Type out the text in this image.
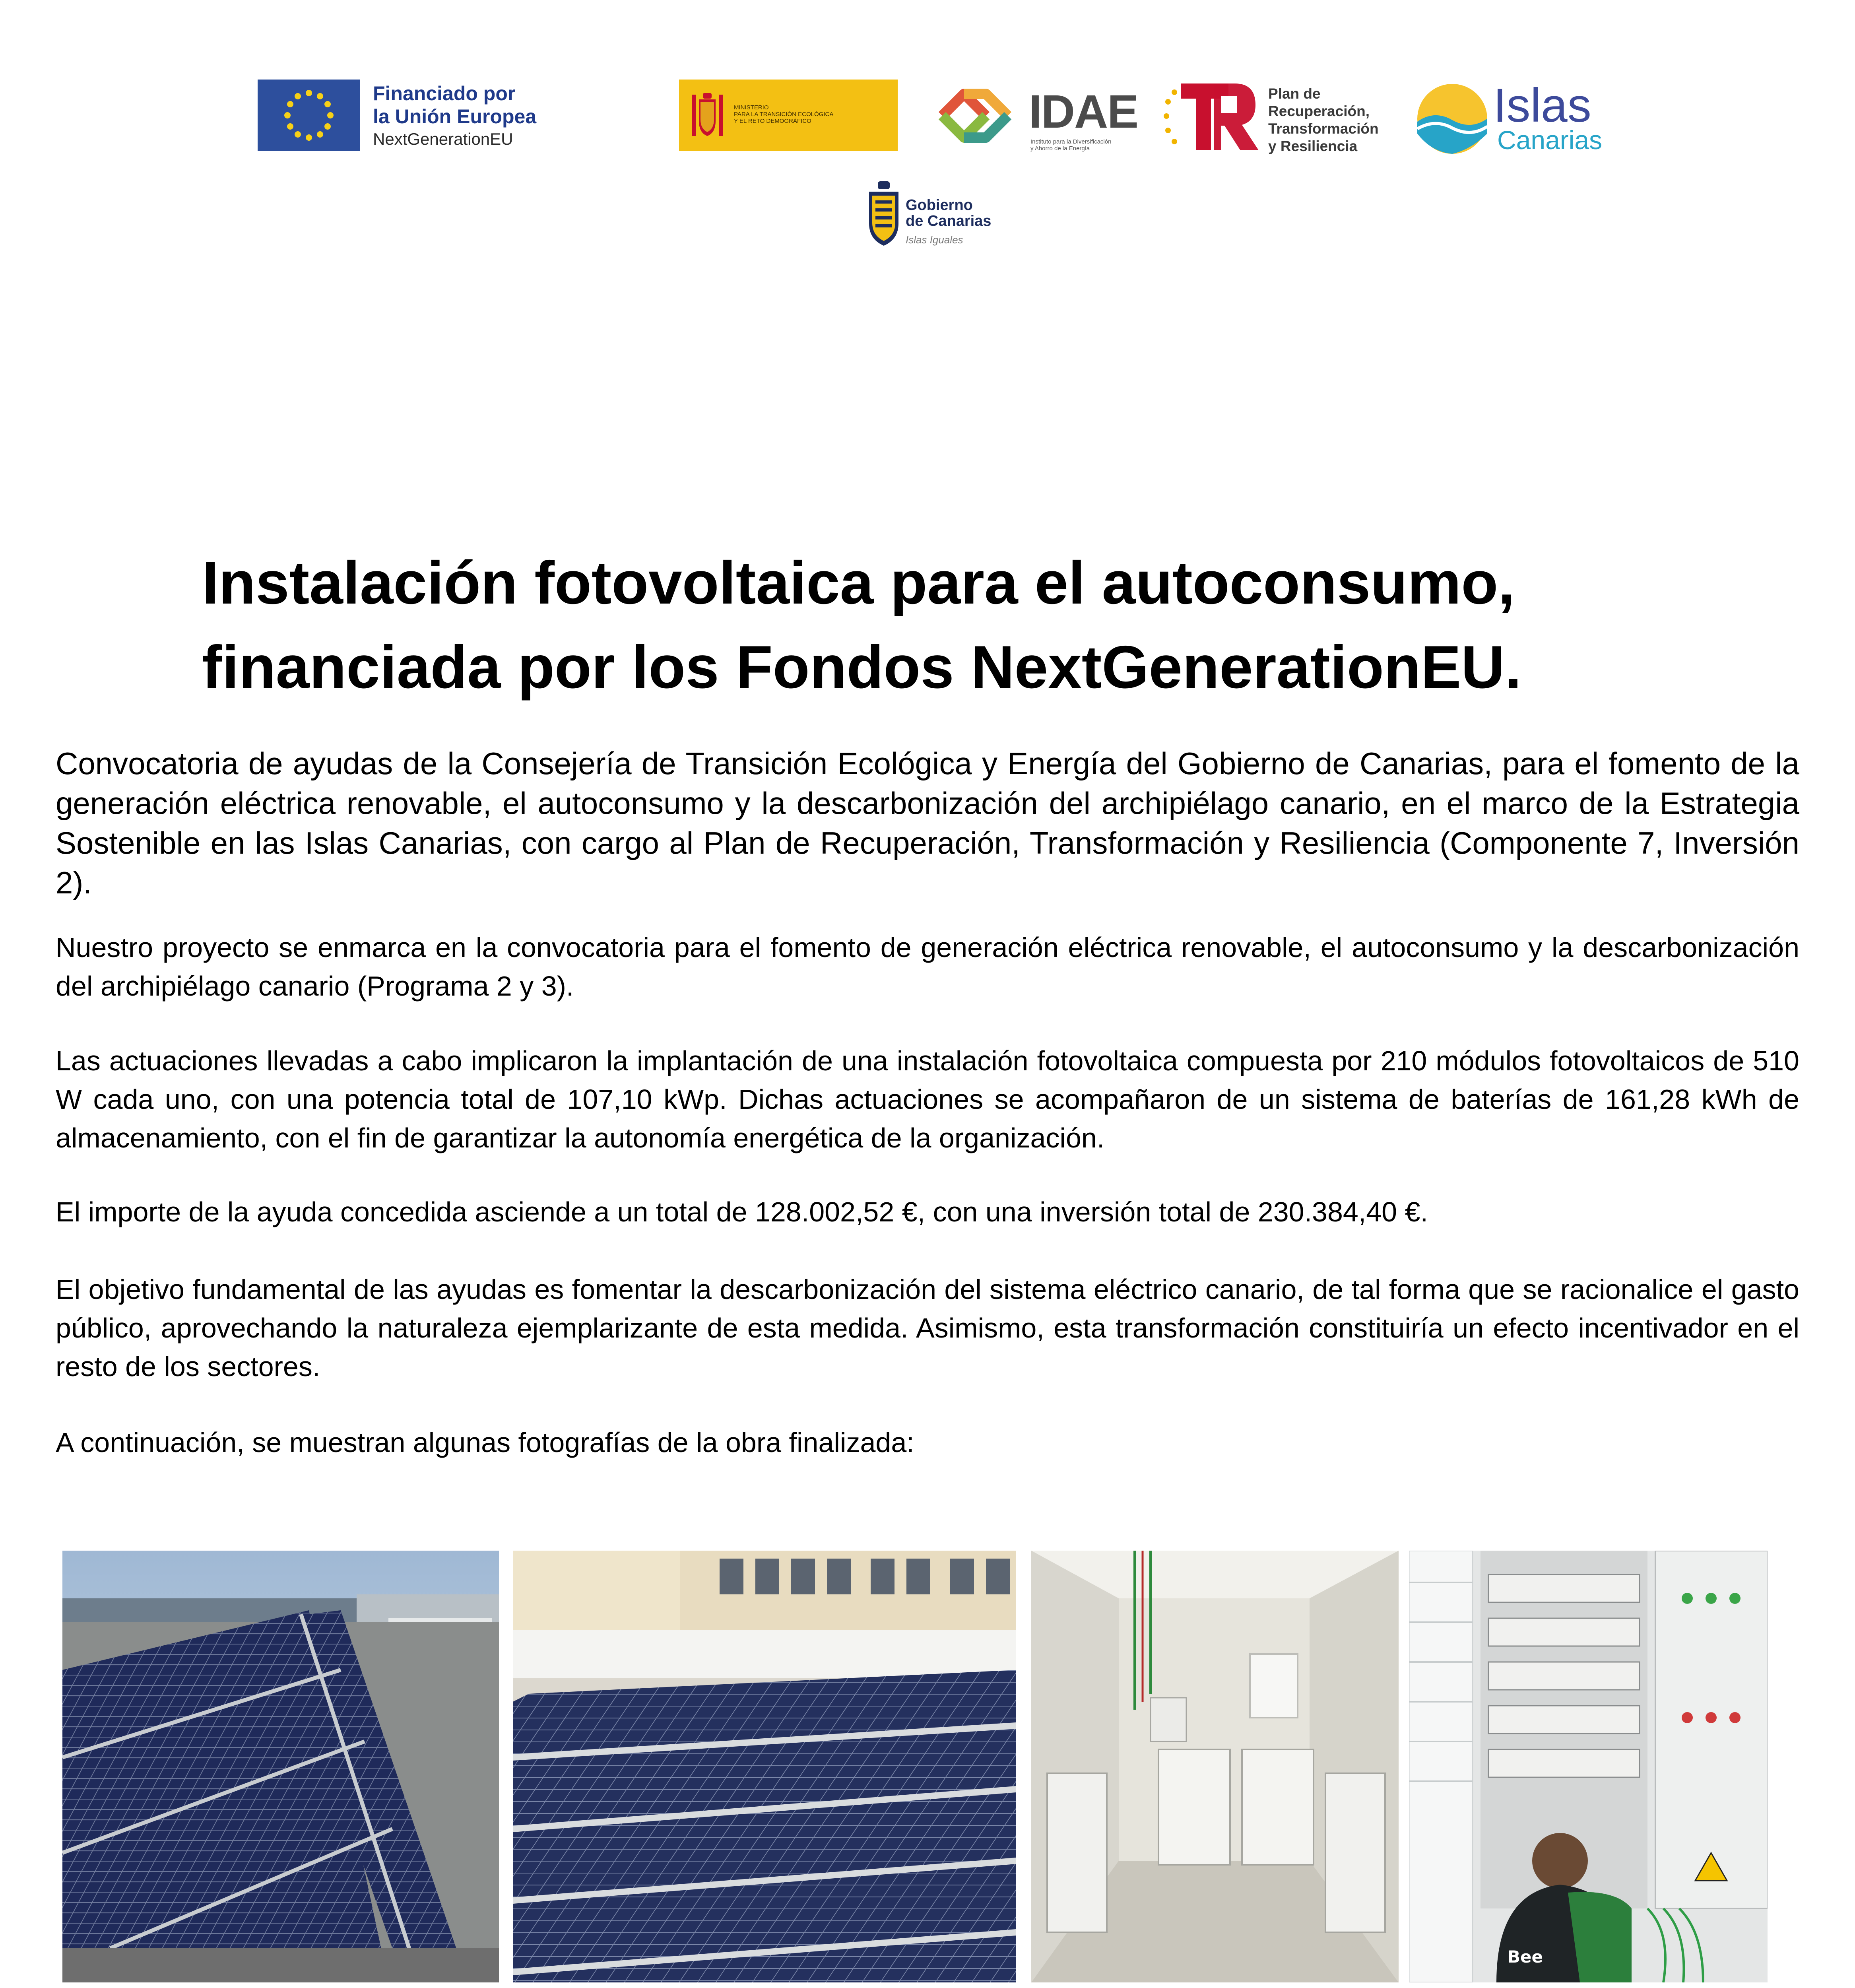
Financiado por
la Unión Europea
NextGenerationEU
MINISTERIO
PARA LA TRANSICIÓN ECOLÓGICA
Y EL RETO DEMOGRÁFICO	IDAE
Instituto para la Diversificación
y Ahorro de la Energía
Plan de
Recuperación,
Transformación
y Resiliencia
Islas
Canarias
Gobierno
de Canarias
Islas Iguales
Instalación fotovoltaica para el autoconsumo,
financiada por los Fondos NextGenerationEU.

Convocatoria de ayudas de la Consejería de Transición Ecológica y Energía del Gobierno de Canarias, para el fomento de la generación eléctrica renovable, el autoconsumo y la descarbonización del archipiélago canario, en el marco de la Estrategia Sostenible en las Islas Canarias, con cargo al Plan de Recuperación, Transformación y Resiliencia (Componente 7, Inversión 2).

Nuestro proyecto se enmarca en la convocatoria para el fomento de generación eléctrica renovable, el autoconsumo y la descarbonización del archipiélago canario (Programa 2 y 3).

Las actuaciones llevadas a cabo implicaron la implantación de una instalación fotovoltaica compuesta por 210 módulos fotovoltaicos de 510 W cada uno, con una potencia total de 107,10 kWp. Dichas actuaciones se acompañaron de un sistema de baterías de 161,28 kWh de almacenamiento, con el fin de garantizar la autonomía energética de la organización.

El importe de la ayuda concedida asciende a un total de 128.002,52 €, con una inversión total de 230.384,40 €.

El objetivo fundamental de las ayudas es fomentar la descarbonización del sistema eléctrico canario, de tal forma que se racionalice el gasto público, aprovechando la naturaleza ejemplarizante de esta medida. Asimismo, esta transformación constituiría un efecto incentivador en el resto de los sectores.

A continuación, se muestran algunas fotografías de la obra finalizada:

Bee
